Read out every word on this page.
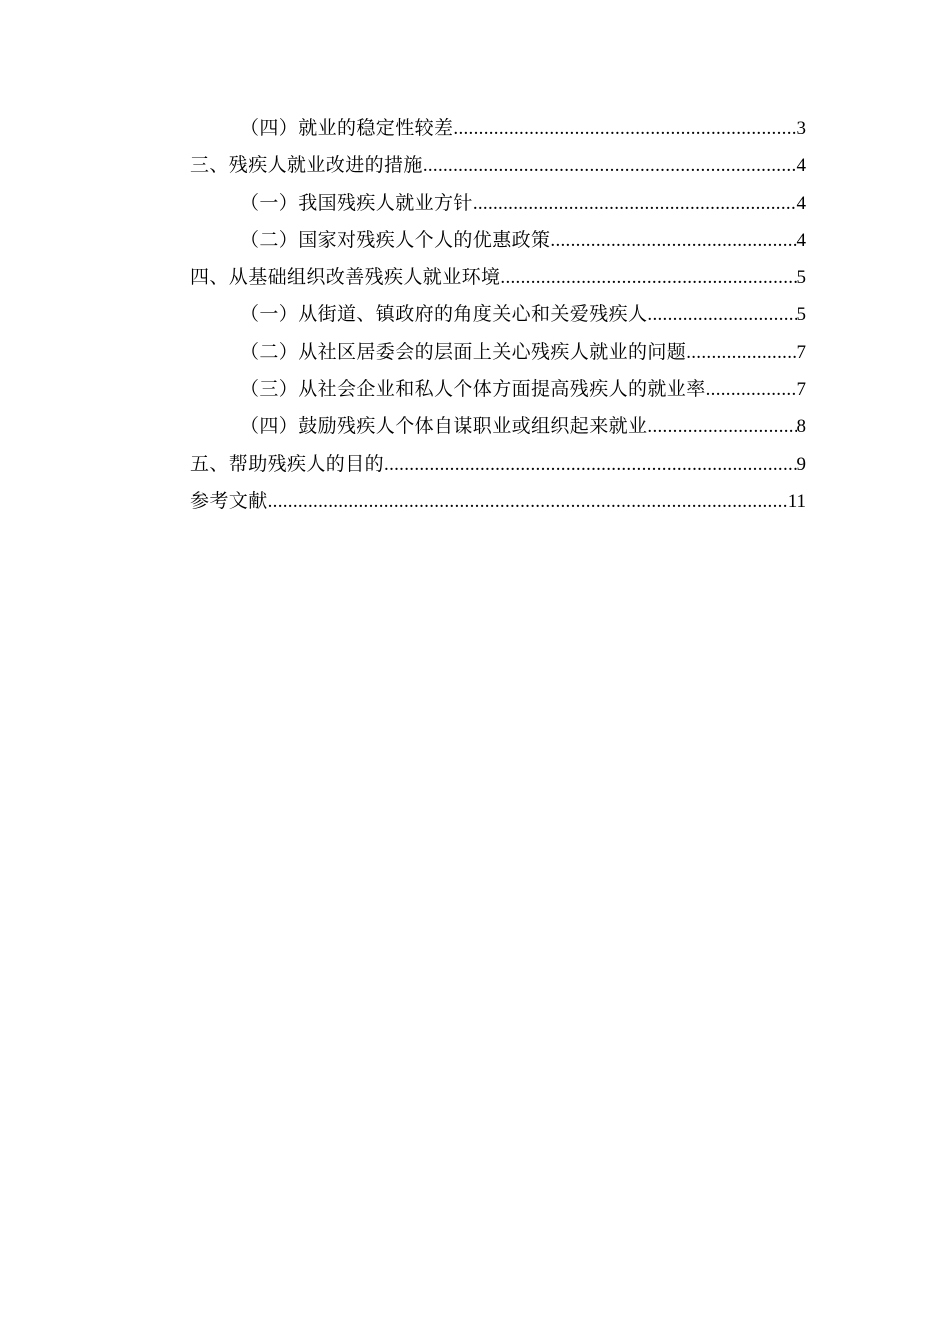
（四）就业的稳定性较差 .....	3
三、残疾人就业改进的措施 .....	4
（一）我国残疾人就业方针 .....	4
（二）国家对残疾人个人的优惠政策 .....	4
四、从基础组织改善残疾人就业环境 .....	5
（一）从街道、镇政府的角度关心和关爱残疾人 .....	5
（二）从社区居委会的层面上关心残疾人就业的问题 .....	7
（三）从社会企业和私人个体方面提高残疾人的就业率 .....	7
（四）鼓励残疾人个体自谋职业或组织起来就业 .....	8
五、帮助残疾人的目的 .....	9
参考文献 .....	11
